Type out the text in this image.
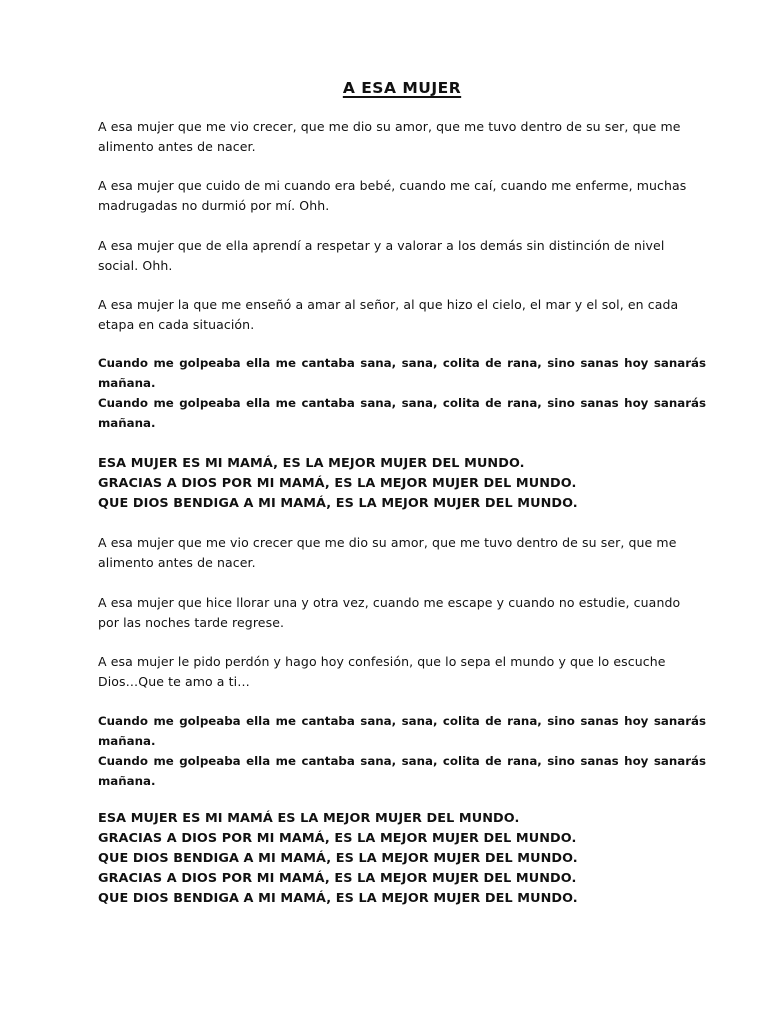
A ESA MUJER
A esa mujer que me vio crecer, que me dio su amor, que me tuvo dentro de su ser, que me alimento antes de nacer.
A esa mujer que cuido de mi cuando era bebé, cuando me caí, cuando me enferme, muchas madrugadas no durmió por mí. Ohh.
A esa mujer que de ella aprendí a respetar y a valorar a los demás sin distinción de nivel social. Ohh.
A esa mujer la que me enseñó a amar al señor, al que hizo el cielo, el mar y el sol, en cada etapa en cada situación.

Cuando me golpeaba ella me cantaba sana, sana, colita de rana, sino sanas hoy sanarás mañana.

Cuando me golpeaba ella me cantaba sana, sana, colita de rana, sino sanas hoy sanarás mañana.

ESA MUJER ES MI MAMÁ, ES LA MEJOR MUJER DEL MUNDO.
GRACIAS A DIOS POR MI MAMÁ, ES LA MEJOR MUJER DEL MUNDO.
QUE DIOS BENDIGA A MI MAMÁ, ES LA MEJOR MUJER DEL MUNDO.
A esa mujer que me vio crecer que me dio su amor, que me tuvo dentro de su ser, que me alimento antes de nacer.
A esa mujer que hice llorar una y otra vez, cuando me escape y cuando no estudie, cuando por las noches tarde regrese.
A esa mujer le pido perdón y hago hoy confesión, que lo sepa el mundo y que lo escuche Dios…Que te amo a ti…

Cuando me golpeaba ella me cantaba sana, sana, colita de rana, sino sanas hoy sanarás mañana.

Cuando me golpeaba ella me cantaba sana, sana, colita de rana, sino sanas hoy sanarás mañana.

ESA MUJER ES MI MAMÁ ES LA MEJOR MUJER DEL MUNDO.
GRACIAS A DIOS POR MI MAMÁ, ES LA MEJOR MUJER DEL MUNDO.
QUE DIOS BENDIGA A MI MAMÁ, ES LA MEJOR MUJER DEL MUNDO.
GRACIAS A DIOS POR MI MAMÁ, ES LA MEJOR MUJER DEL MUNDO.
QUE DIOS BENDIGA A MI MAMÁ, ES LA MEJOR MUJER DEL MUNDO.
